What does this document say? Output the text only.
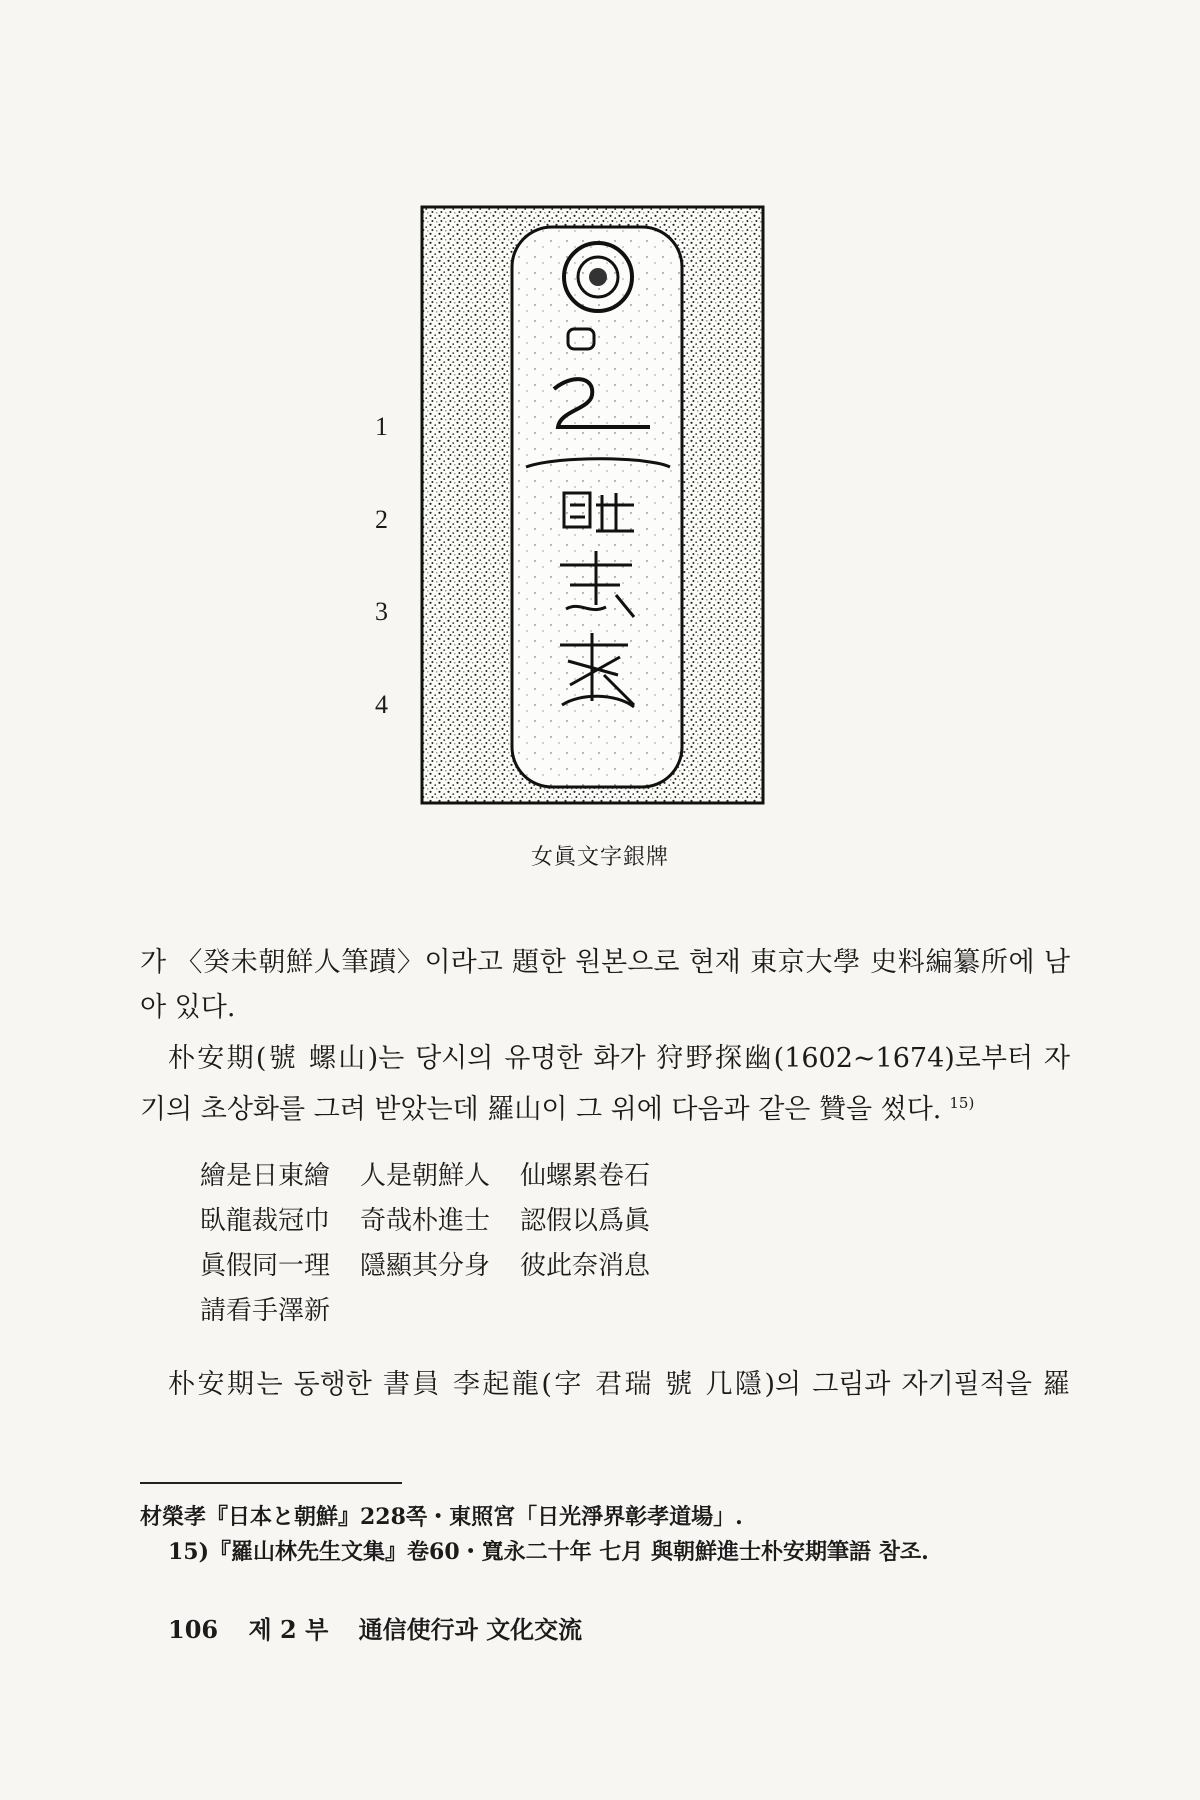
1
2
3
4
女眞文字銀牌
가 〈癸未朝鮮人筆蹟〉이라고 題한 원본으로 현재 東京大學 史料編纂所에 남
아 있다.
朴安期(號 螺山)는 당시의 유명한 화가 狩野探幽(1602~1674)로부터 자
기의 초상화를 그려 받았는데 羅山이 그 위에 다음과 같은 贊을 썼다. $^{15)}$
繪是日東繪 人是朝鮮人 仙螺累卷石
臥龍裁冠巾 奇哉朴進士 認假以爲眞
眞假同一理 隱顯其分身 彼此奈消息
請看手澤新
朴安期는 동행한 書員 李起龍(字 君瑞 號 几隱)의 그림과 자기필적을 羅
材榮孝『日本と朝鮮』228쪽・東照宮「日光淨界彰孝道場」.
15)『羅山林先生文集』卷60・寬永二十年 七月 與朝鮮進士朴安期筆語 참조.
106 제 2 부 通信使行과 文化交流
